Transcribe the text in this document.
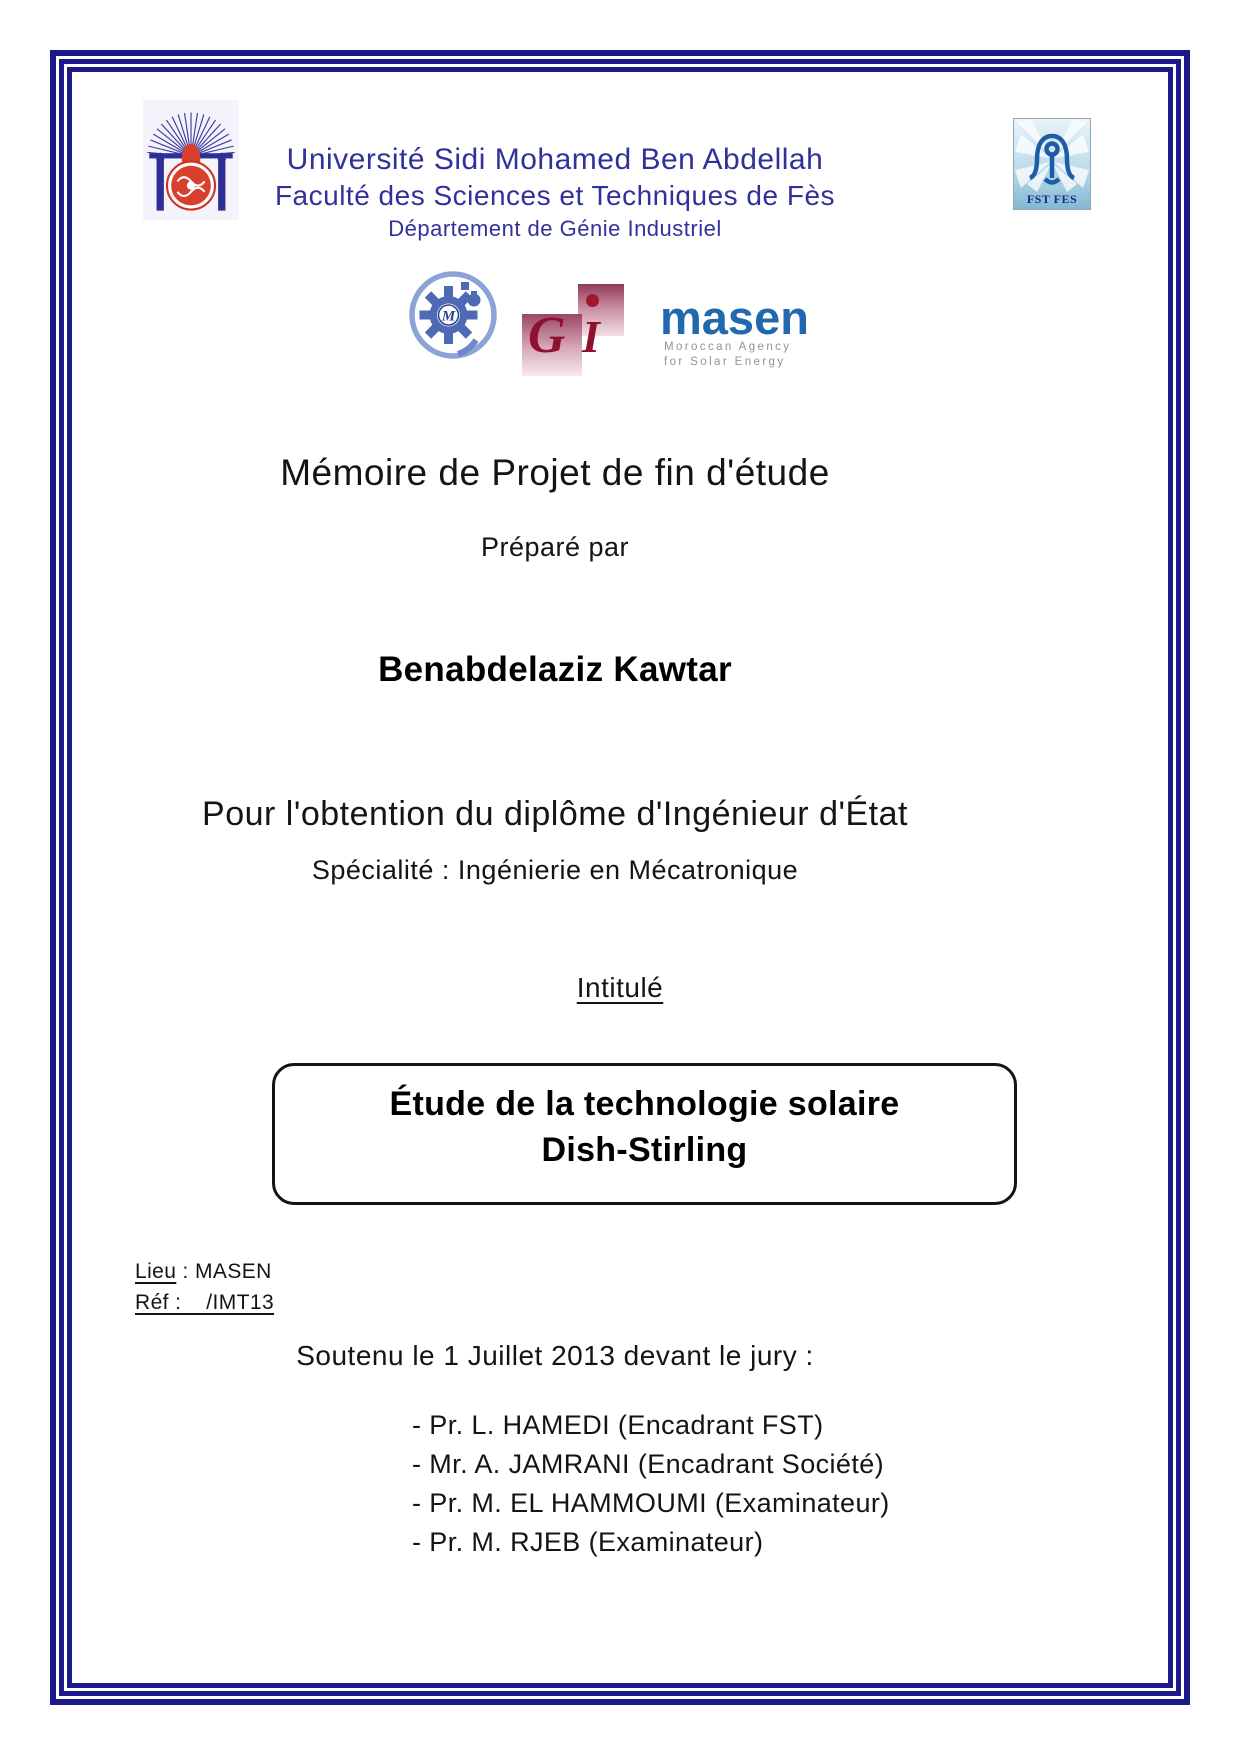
Université Sidi Mohamed Ben Abdellah
Faculté des Sciences et Techniques de Fès
Département de Génie Industriel
FST FES
M G I masen
Moroccan Agency
for Solar Energy
Mémoire de Projet de fin d'étude
Préparé par
Benabdelaziz Kawtar
Pour l'obtention du diplôme d'Ingénieur d'État
Spécialité : Ingénierie en Mécatronique
Intitulé
Étude de la technologie solaire
Dish-Stirling
Lieu : MASEN
Réf :    /IMT13
Soutenu le 1 Juillet 2013 devant le jury :
- Pr. L. HAMEDI (Encadrant FST)
- Mr. A. JAMRANI (Encadrant Société)
- Pr. M. EL HAMMOUMI (Examinateur)
- Pr. M. RJEB (Examinateur)
